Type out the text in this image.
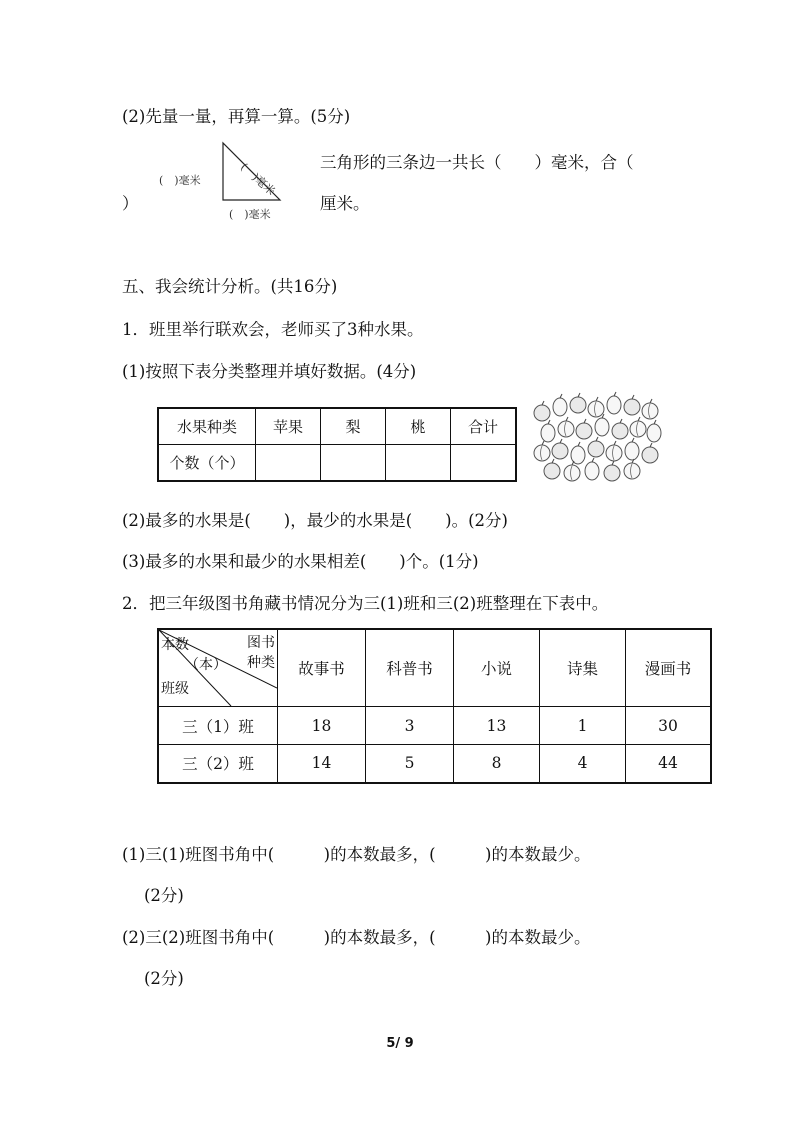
(2)先量一量，再算一算。(5分)
(　)毫米	(　)毫米
(　)毫米
三角形的三条边一共长（　　）毫米，合（
）	厘米。
五、我会统计分析。(共16分)
1．班里举行联欢会，老师买了3种水果。
(1)按照下表分类整理并填好数据。(4分)
水果种类	苹果	梨	桃	合计
个数（个）				
(2)最多的水果是(　　)，最少的水果是(　　)。(2分)
(3)最多的水果和最少的水果相差(　　)个。(1分)
2．把三年级图书角藏书情况分为三(1)班和三(2)班整理在下表中。
图书
种类
本数
（本）
班级	故事书	科普书	小说	诗集	漫画书
三（1）班	18	3	13	1	30
三（2）班	14	5	8	4	44
(1)三(1)班图书角中(　　　)的本数最多，(　　　)的本数最少。
(2分)
(2)三(2)班图书角中(　　　)的本数最多，(　　　)的本数最少。
(2分)
5/ 9
